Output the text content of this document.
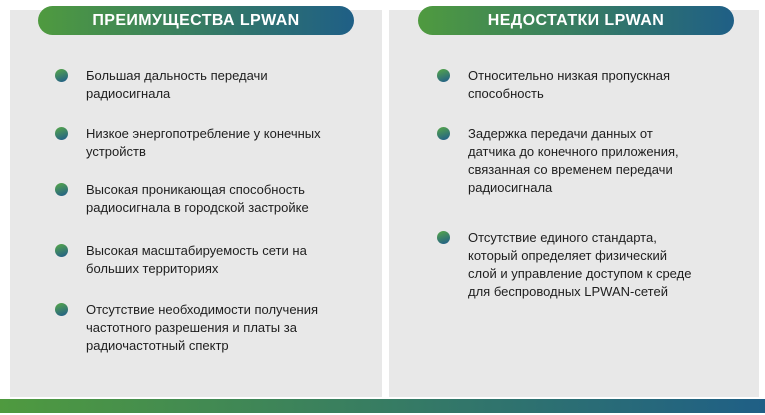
ПРЕИМУЩЕСТВА LPWAN	НЕДОСТАТКИ LPWAN
Большая дальность передачи
радиосигнала
Низкое энергопотребление у конечных
устройств
Высокая проникающая способность
радиосигнала в городской застройке
Высокая масштабируемость сети на
больших территориях
Отсутствие необходимости получения
частотного разрешения и платы за
радиочастотный спектр
Относительно низкая пропускная
способность
Задержка передачи данных от
датчика до конечного приложения,
связанная со временем передачи
радиосигнала
Отсутствие единого стандарта,
который определяет физический
слой и управление доступом к среде
для беспроводных LPWAN-сетей
